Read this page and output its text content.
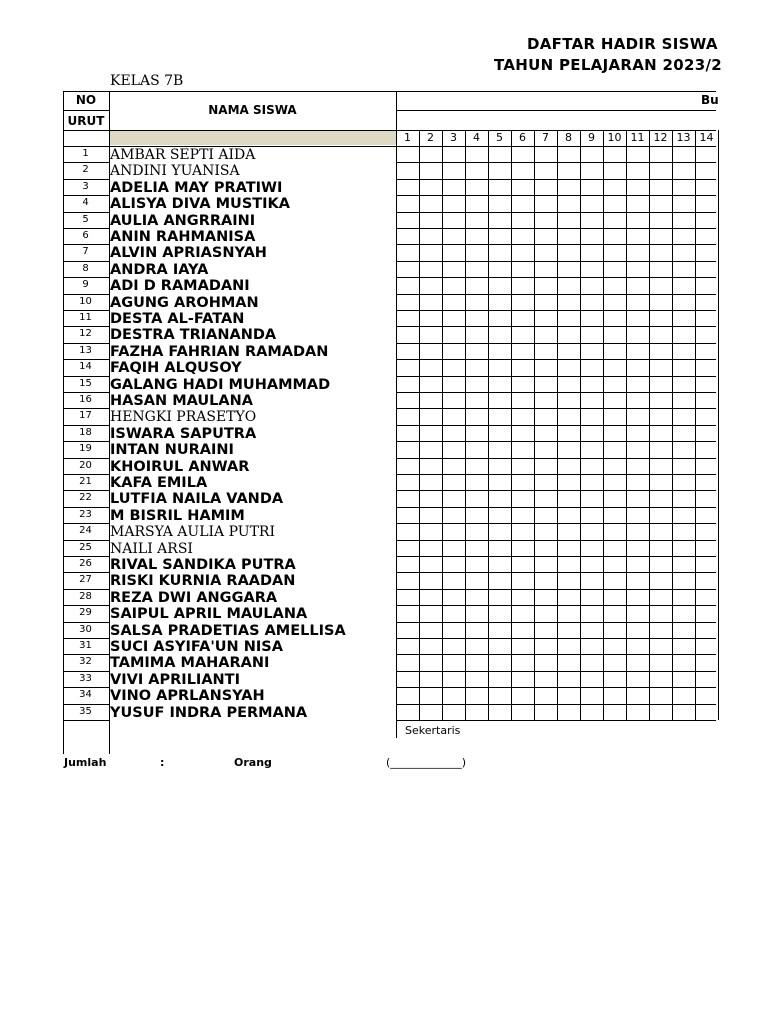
DAFTAR HADIR SISWA
TAHUN PELAJARAN 2023/2
KELAS 7B
NO
URUT
NAMA SISWA
Bu
1	2	3	4	5	6	7	8	9	10 11 12 13 14
1	AMBAR SEPTI AIDA
2	ANDINI YUANISA
3	ADELIA MAY PRATIWI
4	ALISYA DIVA MUSTIKA
5	AULIA ANGRRAINI
6	ANIN RAHMANISA
7	ALVIN APRIASNYAH
8	ANDRA IAYA
9	ADI D RAMADANI
10	AGUNG AROHMAN
11	DESTA AL-FATAN
12	DESTRA TRIANANDA
13	FAZHA FAHRIAN RAMADAN
14	FAQIH ALQUSOY
15	GALANG HADI MUHAMMAD
16	HASAN MAULANA
17	HENGKI PRASETYO
18	ISWARA SAPUTRA
19	INTAN NURAINI
20	KHOIRUL ANWAR
21	KAFA EMILA
22	LUTFIA NAILA VANDA
23	M BISRIL HAMIM
24	MARSYA AULIA PUTRI
25	NAILI ARSI
26	RIVAL SANDIKA PUTRA
27	RISKI KURNIA RAADAN
28	REZA DWI ANGGARA
29	SAIPUL APRIL MAULANA
30	SALSA PRADETIAS AMELLISA
31	SUCI ASYIFA'UN NISA
32	TAMIMA MAHARANI
33	VIVI APRILIANTI
34	VINO APRLANSYAH
35	YUSUF INDRA PERMANA
Jumlah	:	Orang
Sekertaris
(_____________)
